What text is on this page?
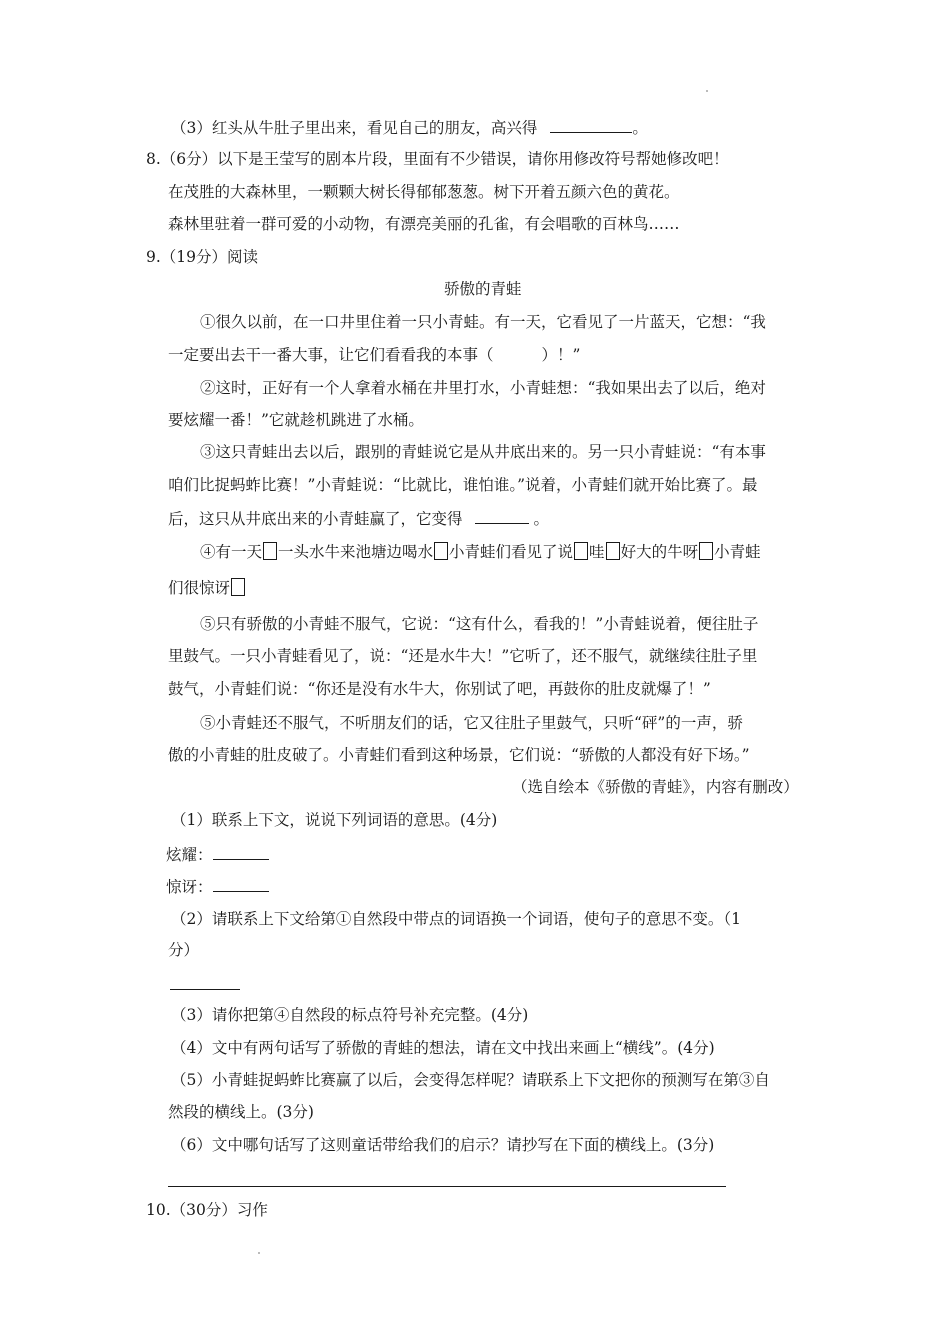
（3）红头从牛肚子里出来，看见自己的朋友，高兴得	。
8.（6分）以下是王莹写的剧本片段，里面有不少错误，请你用修改符号帮她修改吧！
在茂胜的大森林里，一颗颗大树长得郁郁葱葱。树下开着五颜六色的黄花。
森林里驻着一群可爱的小动物，有漂亮美丽的孔雀，有会唱歌的百林鸟……
9.（19分）阅读
骄傲的青蛙
①很久以前，在一口井里住着一只小青蛙。有一天，它看见了一片蓝天，它想：“我
一定要出去干一番大事，让它们看看我的本事（	）！”
②这时，正好有一个人拿着水桶在井里打水，小青蛙想：“我如果出去了以后，绝对
要炫耀一番！”它就趁机跳进了水桶。
③这只青蛙出去以后，跟别的青蛙说它是从井底出来的。另一只小青蛙说：“有本事
咱们比捉蚂蚱比赛！”小青蛙说：“比就比，谁怕谁。”说着，小青蛙们就开始比赛了。最
后，这只从井底出来的小青蛙赢了，它变得	。
④有一天 一头水牛来池塘边喝水 小青蛙们看见了说 哇 好大的牛呀 小青蛙
们很惊讶
⑤只有骄傲的小青蛙不服气，它说：“这有什么，看我的！”小青蛙说着，便往肚子
里鼓气。一只小青蛙看见了，说：“还是水牛大！”它听了，还不服气，就继续往肚子里
鼓气，小青蛙们说：“你还是没有水牛大，你别试了吧，再鼓你的肚皮就爆了！”
⑤小青蛙还不服气，不听朋友们的话，它又往肚子里鼓气，只听“砰”的一声，骄
傲的小青蛙的肚皮破了。小青蛙们看到这种场景，它们说：“骄傲的人都没有好下场。”
（选自绘本《骄傲的青蛙》，内容有删改）
（1）联系上下文，说说下列词语的意思。(4分)
炫耀：
惊讶：
（2）请联系上下文给第①自然段中带点的词语换一个词语，使句子的意思不变。（1
分）
（3）请你把第④自然段的标点符号补充完整。(4分)
（4）文中有两句话写了骄傲的青蛙的想法，请在文中找出来画上“横线”。(4分)
（5）小青蛙捉蚂蚱比赛赢了以后，会变得怎样呢？请联系上下文把你的预测写在第③自
然段的横线上。(3分)
（6）文中哪句话写了这则童话带给我们的启示？请抄写在下面的横线上。(3分)
10.（30分）习作
